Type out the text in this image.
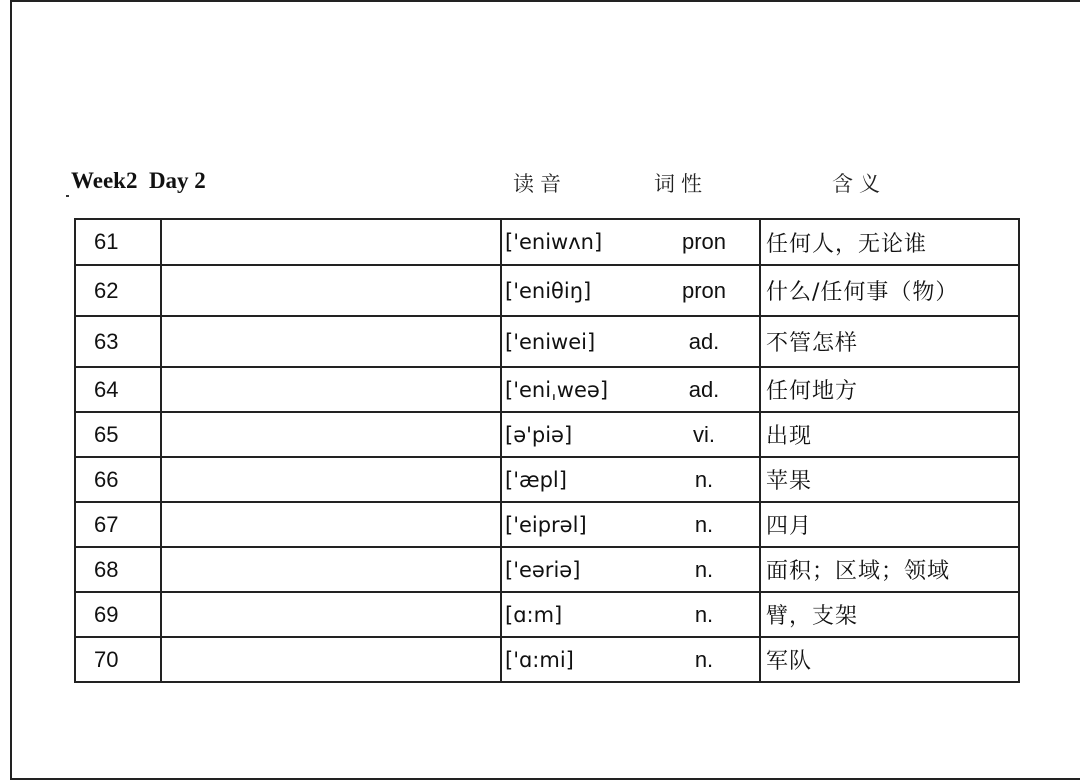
Week2  Day 2	读音	词性	含义
61		['eniwʌn]	pron	任何人，无论谁
62		['eniθiŋ]	pron	什么/任何事（物）
63		['eniwei]	ad.	不管怎样
64		['eniˌweə]	ad.	任何地方
65		[ə'piə]	vi.	出现
66		['æpl]	n.	苹果
67		['eiprəl]	n.	四月
68		['eəriə]	n.	面积；区域；领域
69		[ɑ:m]	n.	臂，支架
70		['ɑ:mi]	n.	军队
